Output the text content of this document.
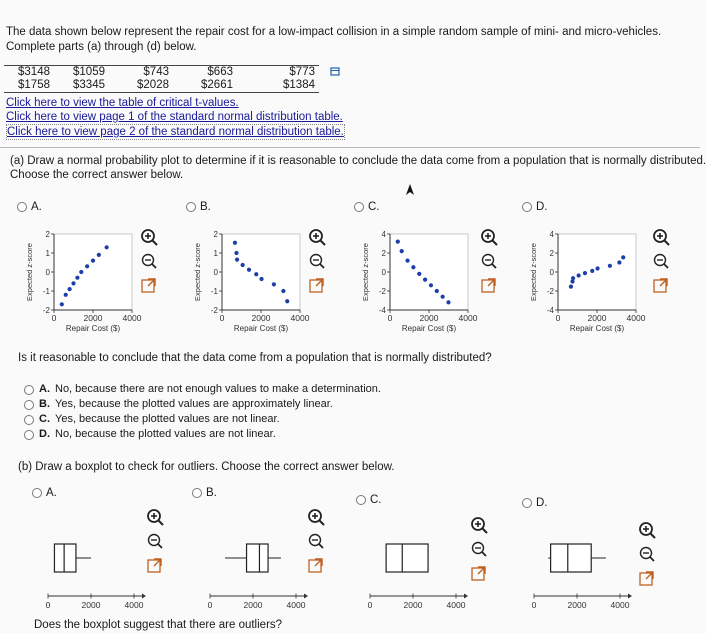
The data shown below represent the repair cost for a low-impact collision in a simple random sample of mini- and micro-vehicles.
Complete parts (a) through (d) below.
$3148	$1059	$743	$663	$773
$1758	$3345	$2028	$2661	$1384
Click here to view the table of critical t-values.
Click here to view page 1 of the standard normal distribution table.
Click here to view page 2 of the standard normal distribution table.
(a) Draw a normal probability plot to determine if it is reasonable to conclude the data come from a population that is normally distributed.
Choose the correct answer below.
A.	B.	C.	D.
2
1
0
-1
-2
0	2000 4000
Repair Cost ($)
Expected z-score
2
1
0
-1
-2
0	2000 4000
Repair Cost ($)
Expected z-score
4
2
0
-2
-4
0	2000 4000
Repair Cost ($)
Expected z-score
4
2
0
-2
-4
0	2000 4000
Repair Cost ($)
Expected z-score
Is it reasonable to conclude that the data come from a population that is normally distributed?
A. No, because there are not enough values to make a determination.
B. Yes, because the plotted values are approximately linear.
C. Yes, because the plotted values are not linear.
D. No, because the plotted values are not linear.
(b) Draw a boxplot to check for outliers. Choose the correct answer below.
A.	B.
C.	D.
0	2000	4000	0	2000	4000	0	2000	4000	0	2000	4000
Does the boxplot suggest that there are outliers?
